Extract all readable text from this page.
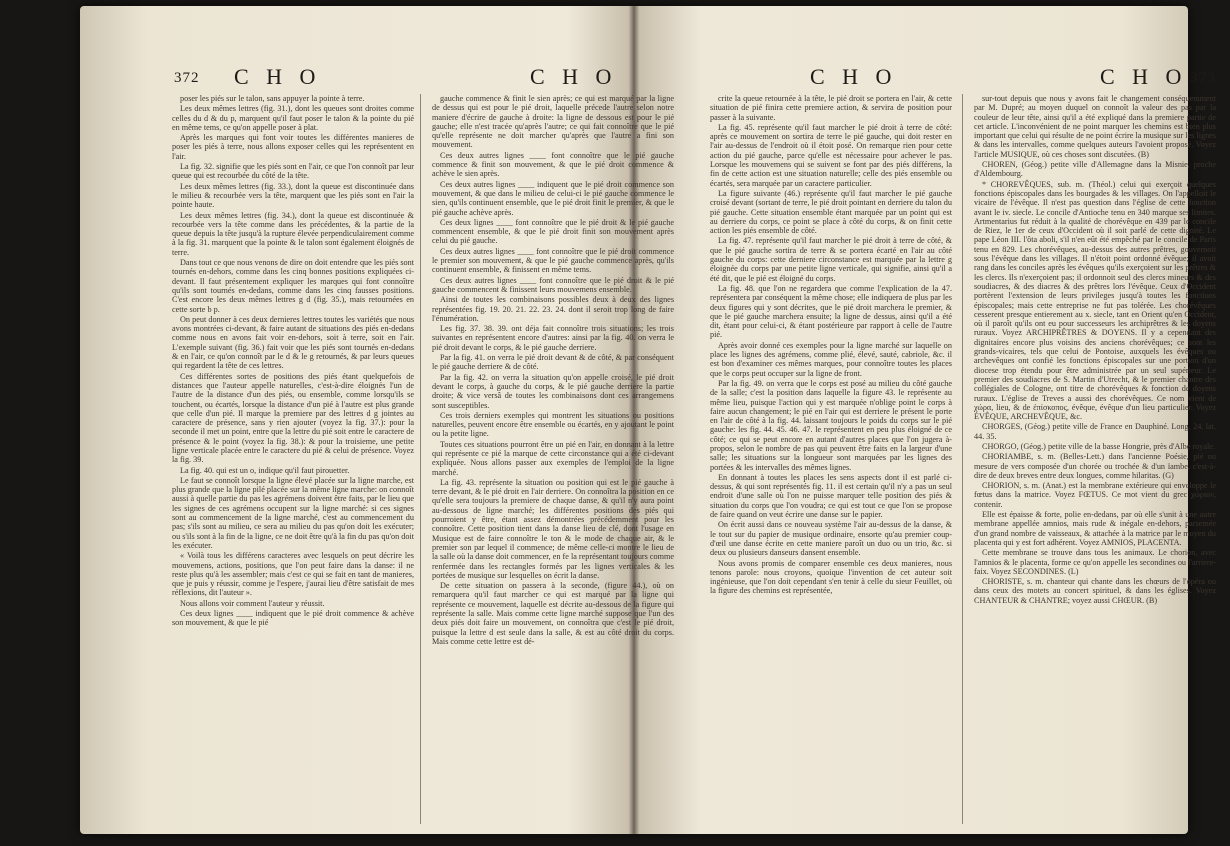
372 C H O	C H O

poser les piés sur le talon, sans appuyer la pointe à terre.

Les deux mêmes lettres (fig. 31.), dont les queues sont droites comme celles du d & du p, marquent qu'il faut poser le talon & la pointe du pié en même tems, ce qu'on appelle poser à plat.

Après les marques qui font voir toutes les différentes manieres de poser les piés à terre, nous allons exposer celles qui les représentent en l'air.

La fig. 32. signifie que les piés sont en l'air, ce que l'on connoît par leur queue qui est recourbée du côté de la tête.

Les deux mêmes lettres (fig. 33.), dont la queue est discontinuée dans le milieu & recourbée vers la tête, marquent que les piés sont en l'air la pointe haute.

Les deux mêmes lettres (fig. 34.), dont la queue est discontinuée & recourbée vers la tête comme dans les précédentes, & la partie de la queue depuis la tête jusqu'à la rupture élevée perpendiculairement comme à la fig. 31. marquent que la pointe & le talon sont également éloignés de terre.

Dans tout ce que nous venons de dire on doit entendre que les piés sont tournés en-dehors, comme dans les cinq bonnes positions expliquées ci-devant. Il faut présentement expliquer les marques qui font connoître qu'ils sont tournés en-dedans, comme dans les cinq fausses positions. C'est encore les deux mêmes lettres g d (fig. 35.), mais retournées en cette sorte b p.

On peut donner à ces deux dernieres lettres toutes les variétés que nous avons montrées ci-devant, & faire autant de situations des piés en-dedans comme nous en avons fait voir en-dehors, soit à terre, soit en l'air. L'exemple suivant (fig. 36.) fait voir que les piés sont tournés en-dedans & en l'air, ce qu'on connoît par le d & le g retournés, & par leurs queues qui regardent la tête de ces lettres.

Ces différentes sortes de positions des piés étant quelquefois de distances que l'auteur appelle naturelles, c'est-à-dire éloignés l'un de l'autre de la distance d'un des piés, ou ensemble, comme lorsqu'ils se touchent, ou écartés, lorsque la distance d'un pié à l'autre est plus grande que celle d'un pié. Il marque la premiere par des lettres d g jointes au caractere de présence, sans y rien ajouter (voyez la fig. 37.): pour la seconde il met un point, entre que la lettre du pié soit entre le caractere de présence & le point (voyez la fig. 38.): & pour la troisieme, une petite ligne verticale placée entre le caractere du pié & celui de présence. Voyez la fig. 39.

La fig. 40. qui est un o, indique qu'il faut pirouetter.

Le faut se connoît lorsque la ligne élevé placée sur la ligne marche, est plus grande que la ligne pilé placée sur la même ligne marche: on connoît aussi à quelle partie du pas les agrémens doivent être faits, par le lieu que les signes de ces agrémens occupent sur la ligne marché: si ces signes sont au commencement de la ligne marché, c'est au commencement du pas; s'ils sont au milieu, ce sera au milieu du pas qu'on doit les exécuter; ou s'ils sont à la fin de la ligne, ce ne doit être qu'à la fin du pas qu'on doit les exécuter.

« Voilà tous les différens caracteres avec lesquels on peut décrire les mouvemens, actions, positions, que l'on peut faire dans la danse: il ne reste plus qu'à les assembler; mais c'est ce qui se fait en tant de manieres, que je puis y réussir, comme je l'espere, j'aurai lieu d'être satisfait de mes réflexions, dit l'auteur ».

Nous allons voir comment l'auteur y réussit.

Ces deux lignes ____ indiquent que le pié droit commence & achève son mouvement, & que le pié

gauche commence & finit le sien après; ce qui est marqué par la ligne de dessus qui est pour le pié droit, laquelle précede l'autre selon notre maniere d'écrire de gauche à droite: la ligne de dessous est pour le pié gauche; elle n'est tracée qu'après l'autre; ce qui fait connoître que le pié qu'elle représente ne doit marcher qu'après que l'autre a fini son mouvement.

Ces deux autres lignes ____ font connoître que le pié gauche commence & finit son mouvement, & que le pié droit commence & achève le sien après.

Ces deux autres lignes ____ indiquent que le pié droit commence son mouvement, & que dans le milieu de celui-ci le pié gauche commence le sien, qu'ils continuent ensemble, que le pié droit finit le premier, & que le pié gauche achève après.

Ces deux lignes ____ font connoître que le pié droit & le pié gauche commencent ensemble, & que le pié droit finit son mouvement après celui du pié gauche.

Ces deux autres lignes ____ font connoître que le pié droit commence le premier son mouvement, & que le pié gauche commence après, qu'ils continuent ensemble, & finissent en même tems.

Ces deux autres lignes ____ font connoître que le pié droit & le pié gauche commencent & finissent leurs mouvemens ensemble.

Ainsi de toutes les combinaisons possibles deux à deux des lignes représentées fig. 19. 20. 21. 22. 23. 24. dont il seroit trop long de faire l'énumération.

Les fig. 37. 38. 39. ont déja fait connoître trois situations; les trois suivantes en représentent encore d'autres: ainsi par la fig. 40. on verra le pié droit devant le corps, & le pié gauche derriere.

Par la fig. 41. on verra le pié droit devant & de côté, & par conséquent le pié gauche derriere & de côté.

Par la fig. 42. on verra la situation qu'on appelle croisé, le pié droit devant le corps, à gauche du corps, & le pié gauche derriere la partie droite; & vice versâ de toutes les combinaisons dont ces arrangemens sont susceptibles.

Ces trois derniers exemples qui montrent les situations ou positions naturelles, peuvent encore être ensemble ou écartés, en y ajoutant le point ou la petite ligne.

Toutes ces situations pourront être un pié en l'air, en donnant à la lettre qui représente ce pié la marque de cette circonstance qui a été ci-devant expliquée. Nous allons passer aux exemples de l'emploi de la ligne marché.

La fig. 43. représente la situation ou position qui est le pié gauche à terre devant, & le pié droit en l'air derriere. On connoîtra la position en ce qu'elle sera toujours la premiere de chaque danse, & qu'il n'y aura point au-dessous de ligne marché; les différentes positions des piés qui pourroient y être, étant assez démontrées précédemment pour les connoître. Cette position tient dans la danse lieu de clé, dont l'usage en Musique est de faire connoître le ton & le mode de chaque air, & le premier son par lequel il commence; de même celle-ci montre le lieu de la salle où la danse doit commencer, en fe la représentant toujours comme renfermée dans les rectangles formés par les lignes verticales & les portées de musique sur lesquelles on écrit la danse.

De cette situation on passera à la seconde, (figure 44.), où on remarquera qu'il faut marcher ce qui est marqué par la ligne qui représente ce mouvement, laquelle est décrite au-dessous de la figure qui représente la salle. Mais comme cette ligne marché suppose que l'un des deux piés doit faire un mouvement, on connoîtra que c'est le pié droit, puisque la lettre d est seule dans la salle, & est au côté droit du corps. Mais comme cette lettre est dé-

C H O	C H O 373

crite la queue retournée à la tête, le pié droit se portera en l'air, & cette situation de pié finira cette premiere action, & servira de position pour passer à la suivante.

La fig. 45. représente qu'il faut marcher le pié droit à terre de côté: après ce mouvement on sortira de terre le pié gauche, qui doit rester en l'air au-dessus de l'endroit où il étoit posé. On remarque rien pour cette action du pié gauche, parce qu'elle est nécessaire pour achever le pas. Lorsque les mouvemens qui se suivent se font par des piés différens, la fin de cette action est une situation naturelle; celle des piés ensemble ou écartés, sera marquée par un caractere particulier.

La figure suivante (46.) représente qu'il faut marcher le pié gauche croisé devant (sortant de terre, le pié droit pointant en derriere du talon du pié gauche. Cette situation ensemble étant marquée par un point qui est au derriere du corps, ce point se place à côté du corps, & on finit cette action les piés ensemble de côté.

La fig. 47. représente qu'il faut marcher le pié droit à terre de côté, & que le pié gauche sortira de terre & se portera écarté en l'air au côté gauche du corps: cette derniere circonstance est marquée par la lettre g éloignée du corps par une petite ligne verticale, qui signifie, ainsi qu'il a été dit, que le pié est éloigné du corps.

La fig. 48. que l'on ne regardera que comme l'explication de la 47. représentera par conséquent la même chose; elle indiquera de plus par les deux figures qui y sont décrites, que le pié droit marchera le premier, & que le pié gauche marchera ensuite; la ligne de dessus, ainsi qu'il a été dit, étant pour celui-ci, & étant postérieure par rapport à celle de l'autre pié.

Après avoir donné ces exemples pour la ligne marché sur laquelle on place les lignes des agrémens, comme plié, élevé, sauté, cabriole, &c. il est bon d'examiner ces mêmes marques, pour connoître toutes les places que le corps peut occuper sur la ligne de front.

Par la fig. 49. on verra que le corps est posé au milieu du côté gauche de la salle; c'est la position dans laquelle la figure 43. le représente au même lieu, puisque l'action qui y est marquée n'oblige point le corps à faire aucun changement; le pié en l'air qui est derriere le présent le porte en l'air de côté à la fig. 44. laissant toujours le poids du corps sur le pié gauche: les fig. 44. 45. 46. 47. le représentent en peu plus éloigné de ce côté; ce qui se peut encore en autant d'autres places que l'on jugera à-propos, selon le nombre de pas qui peuvent être faits en la largeur d'une salle; les situations sur la longueur sont marquées par les lignes des portées & les intervalles des mêmes lignes.

En donnant à toutes les places les sens aspects dont il est parlé ci-dessus, & qui sont représentés fig. 11. il est certain qu'il n'y a pas un seul endroit d'une salle où l'on ne puisse marquer telle position des piés & situation du corps que l'on voudra; ce qui est tout ce que l'on se propose de faire quand on veut écrire une danse sur le papier.

On écrit aussi dans ce nouveau système l'air au-dessus de la danse, & le tout sur du papier de musique ordinaire, ensorte qu'au premier coup-d'œil une danse écrite en cette maniere paroît un duo ou un trio, &c. si deux ou plusieurs danseurs dansent ensemble.

Nous avons promis de comparer ensemble ces deux manieres, nous tenons parole: nous croyons, quoique l'invention de cet auteur soit ingénieuse, que l'on doit cependant s'en tenir à celle du sieur Feuillet, où la figure des chemins est représentée,

sur-tout depuis que nous y avons fait le changement conséquemment par M. Dupré; au moyen duquel on connoît la valeur des pas par la couleur de leur tête, ainsi qu'il a été expliqué dans la premiere partie de cet article. L'inconvénient de ne point marquer les chemins est bien plus important que celui qui résulte de ne point écrire la musique sur les lignes & dans les intervalles, comme quelques auteurs l'avoient proposé. Voyez l'article MUSIQUE, où ces choses sont discutées. (B)

CHOREN, (Géog.) petite ville d'Allemagne dans la Misnie, proche d'Aldembourg.

* CHOREVÊQUES, sub. m. (Théol.) celui qui exerçoit quelques fonctions épiscopales dans les bourgades & les villages. On l'appelloit le vicaire de l'évêque. Il n'est pas question dans l'église de cette fonction avant le iv. siecle. Le concile d'Antioche tenu en 340 marque ses limites. Artmentarius fut réduit à la qualité de chorévêque en 439 par le concile de Riez, le 1er de ceux d'Occident où il soit parlé de cette dignité. Le pape Léon III. l'ôta aboli, s'il n'en eût été empêché par le concile de Paris tenu en 829. Les chorévêques, au-dessus des autres prêtres, gouvernoit sous l'évêque dans les villages. Il n'étoit point ordonné évêque; il avoit rang dans les conciles après les évêques qu'ils exerçoient sur les prêtres & les clercs. Ils n'exerçoient pas; il ordonnoit seul des clercs mineurs & des soudiacres, & des diacres & des prêtres lors l'évêque. Ceux d'Occident portèrent l'extension de leurs privileges jusqu'à toutes les fonctions épiscopales; mais cette entreprise ne fut pas tolérée. Les chorévêques cesserent presque entierement au x. siecle, tant en Orient qu'en Occident, où il paroît qu'ils ont eu pour successeurs les archiprêtres & les doyens ruraux. Voyez ARCHIPRÊTRES & DOYENS. Il y a cependant des dignitaires encore plus voisins des anciens chorévêques; ce sont les grands-vicaires, tels que celui de Pontoise, auxquels les évêques ou archevêques ont confié les fonctions épiscopales sur une portion d'un diocese trop étendu pour être administrée par un seul supérieur. Le premier des soudiacres de S. Martin d'Utrecht, & le premier chantre des collégiales de Cologne, ont titre de chorévêques & fonction de doyens ruraux. L'église de Treves a aussi des chorévêques. Ce nom vient de χώρα, lieu, & de ἐπίσκοπος, évêque, évêque d'un lieu particulier. Voyez ÉVÊQUE, ARCHEVÊQUE, &c.

CHORGES, (Géog.) petite ville de France en Dauphiné. Long. 24. lat. 44. 35.

CHORGO, (Géog.) petite ville de la basse Hongrie, près d'Albe royale.

CHORIAMBE, s. m. (Belles-Lett.) dans l'ancienne Poésie, pié ou mesure de vers composée d'un chorée ou trochée & d'un ïambe, c'est-à-dire de deux breves entre deux longues, comme hilaritas. (G)

CHORION, s. m. (Anat.) est la membrane extérieure qui enveloppe le fœtus dans la matrice. Voyez FŒTUS. Ce mot vient du grec χώριον, contenir.

Elle est épaisse & forte, polie en-dedans, par où elle s'unit à une autre membrane appellée amnios, mais rude & inégale en-dehors, parsemée d'un grand nombre de vaisseaux, & attachée à la matrice par le moyen du placenta qui y est fort adhérent. Voyez AMNIOS, PLACENTA.

Cette membrane se trouve dans tous les animaux. Le chorion, avec l'amnios & le placenta, forme ce qu'on appelle les secondines ou l'arriere-faix. Voyez SECONDINES. (L)

CHORISTE, s. m. chanteur qui chante dans les chœurs de l'opéra ou dans ceux des motets au concert spirituel, & dans les églises. Voyez CHANTEUR & CHANTRE; voyez aussi CHŒUR. (B)
